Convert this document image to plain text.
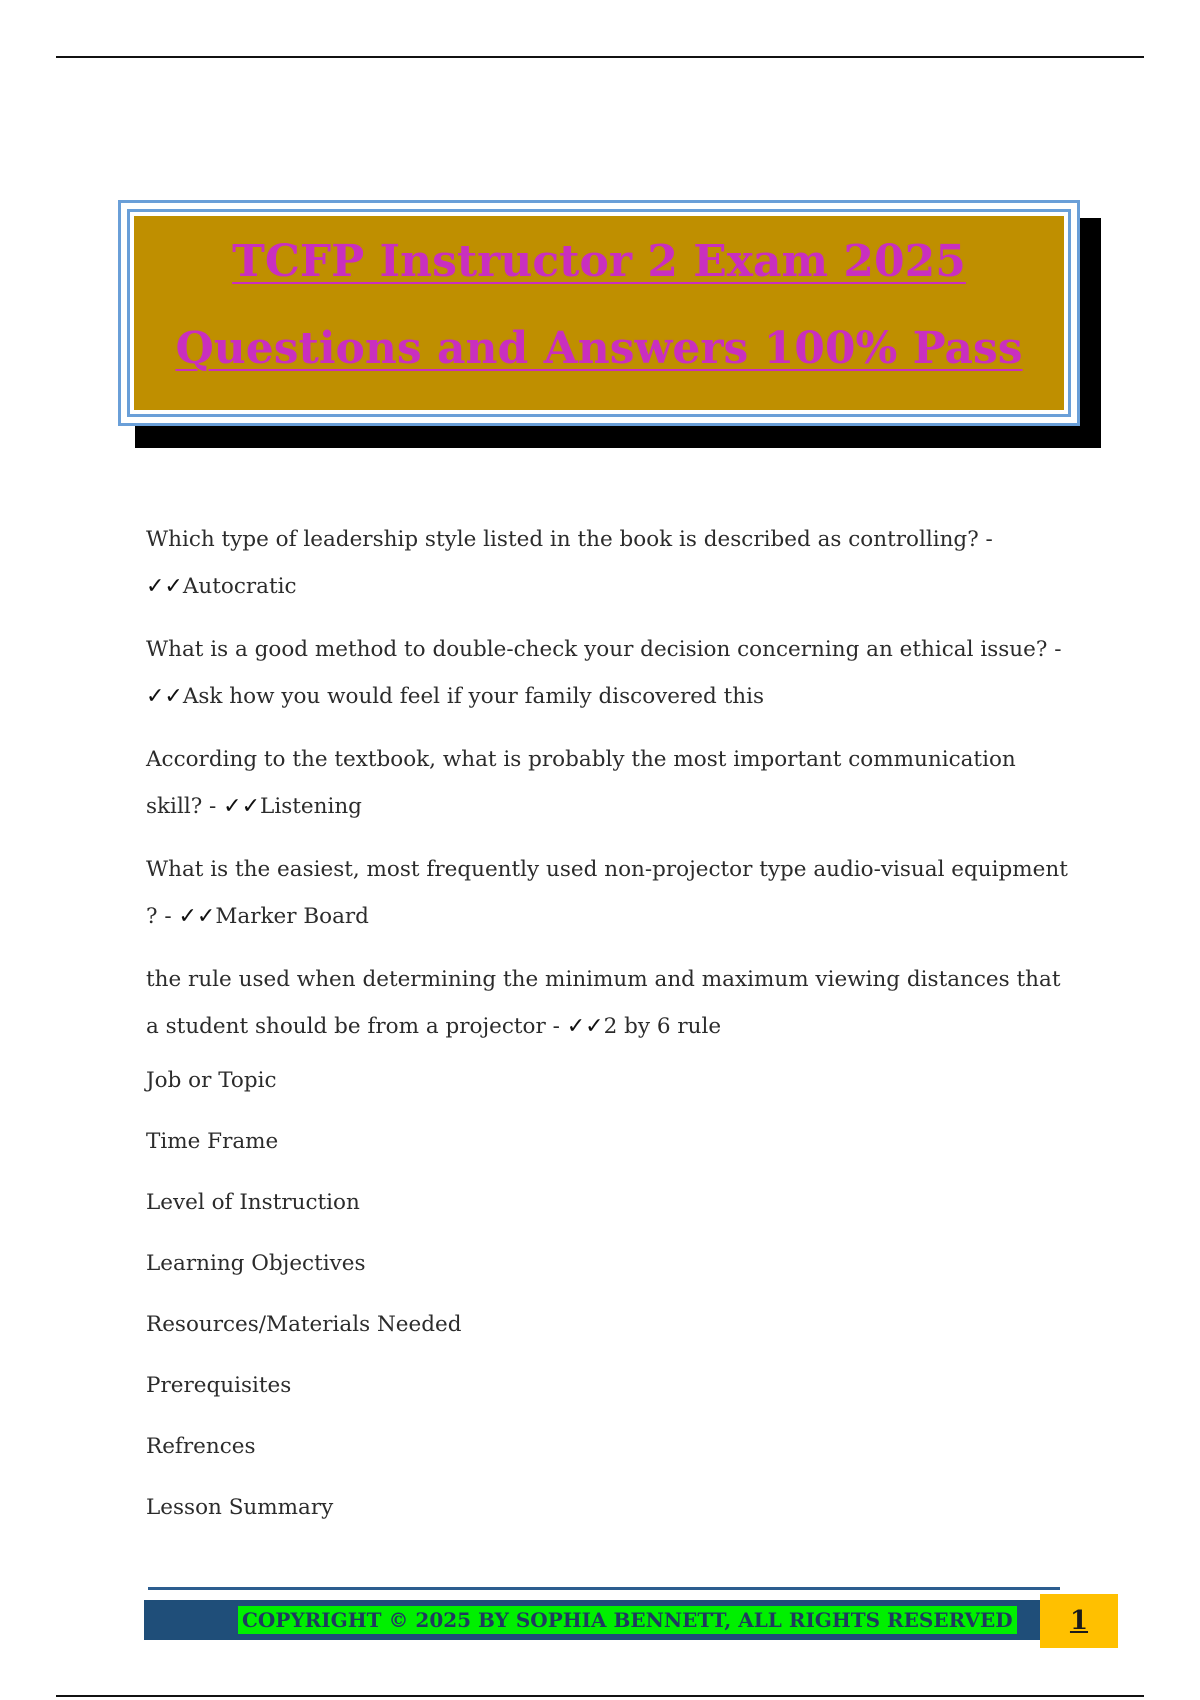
TCFP Instructor 2 Exam 2025
Questions and Answers 100% Pass

Which type of leadership style listed in the book is described as controlling? -
✓✓Autocratic

What is a good method to double-check your decision concerning an ethical issue? -
✓✓Ask how you would feel if your family discovered this

According to the textbook, what is probably the most important communication skill? - ✓✓Listening

What is the easiest, most frequently used non-projector type audio-visual equipment ? - ✓✓Marker Board

the rule used when determining the minimum and maximum viewing distances that a student should be from a projector - ✓✓2 by 6 rule

Job or Topic

Time Frame

Level of Instruction

Learning Objectives

Resources/Materials Needed

Prerequisites

Refrences

Lesson Summary

COPYRIGHT © 2025 BY SOPHIA BENNETT, ALL RIGHTS RESERVED	1
